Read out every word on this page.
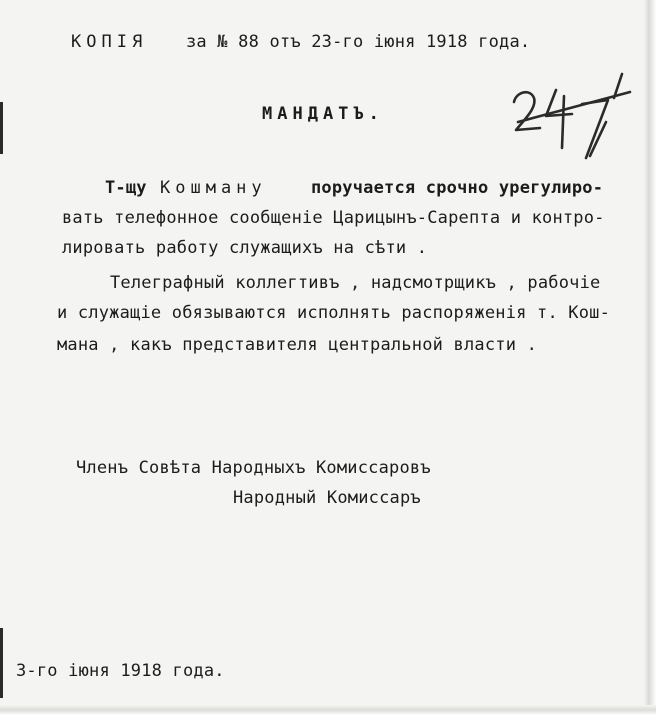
КОПІЯ за № 88 отъ 23-го іюня 1918 года.
МАНДАТЪ.
Т-щу Кошману	поручается срочно урегулиро-
вать телефонное сообщеніе Царицынъ-Сарепта и контро-
лировать работу служащихъ на сѣти .
Телеграфный коллегтивъ , надсмотрщикъ , рабочіе
и служащіе обязываются исполнять распоряженія т. Кош-
мана , какъ представителя центральной власти .
Членъ Совѣта Народныхъ Комиссаровъ
Народный Комиссаръ
3-го іюня 1918 года.
